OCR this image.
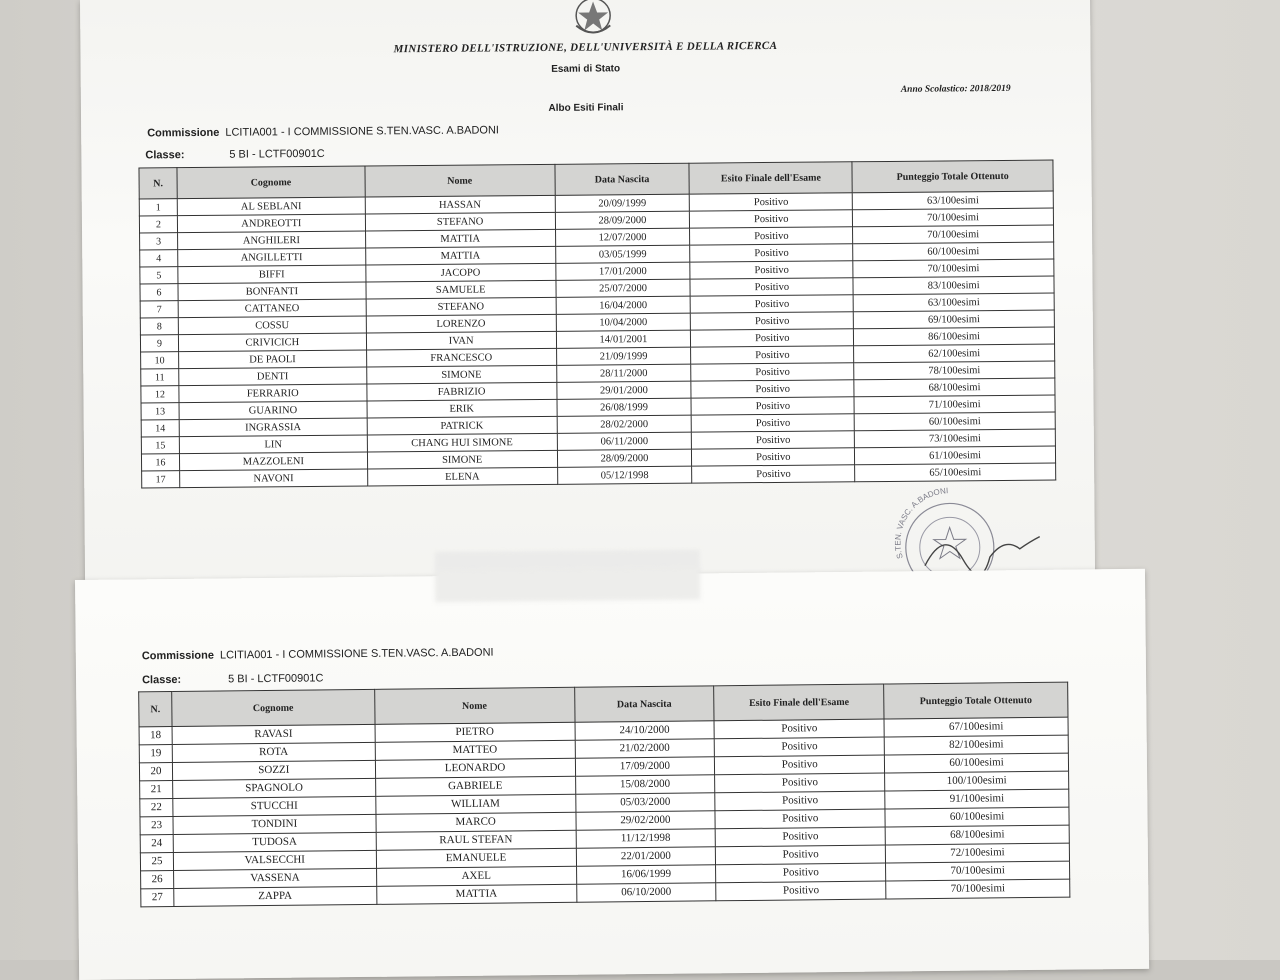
MINISTERO DELL'ISTRUZIONE, DELL'UNIVERSITÀ E DELLA RICERCA
Esami di Stato
Anno Scolastico: 2018/2019
Albo Esiti Finali
Commissione LCITIA001 - I COMMISSIONE S.TEN.VASC. A.BADONI
Classe:	5 BI - LCTF00901C
N.	Cognome	Nome	Data Nascita	Esito Finale dell'Esame	Punteggio Totale Ottenuto
1	AL SEBLANI	HASSAN	20/09/1999	Positivo	63/100esimi
2	ANDREOTTI	STEFANO	28/09/2000	Positivo	70/100esimi
3	ANGHILERI	MATTIA	12/07/2000	Positivo	70/100esimi
4	ANGILLETTI	MATTIA	03/05/1999	Positivo	60/100esimi
5	BIFFI	JACOPO	17/01/2000	Positivo	70/100esimi
6	BONFANTI	SAMUELE	25/07/2000	Positivo	83/100esimi
7	CATTANEO	STEFANO	16/04/2000	Positivo	63/100esimi
8	COSSU	LORENZO	10/04/2000	Positivo	69/100esimi
9	CRIVICICH	IVAN	14/01/2001	Positivo	86/100esimi
10	DE PAOLI	FRANCESCO	21/09/1999	Positivo	62/100esimi
11	DENTI	SIMONE	28/11/2000	Positivo	78/100esimi
12	FERRARIO	FABRIZIO	29/01/2000	Positivo	68/100esimi
13	GUARINO	ERIK	26/08/1999	Positivo	71/100esimi
14	INGRASSIA	PATRICK	28/02/2000	Positivo	60/100esimi
15	LIN	CHANG HUI SIMONE	06/11/2000	Positivo	73/100esimi
16	MAZZOLENI	SIMONE	28/09/2000	Positivo	61/100esimi
17	NAVONI	ELENA	05/12/1998	Positivo	65/100esimi
S.TEN. VASC. A.BADONI
Commissione LCITIA001 - I COMMISSIONE S.TEN.VASC. A.BADONI
Classe:	5 BI - LCTF00901C
N.	Cognome	Nome	Data Nascita	Esito Finale dell'Esame	Punteggio Totale Ottenuto
18	RAVASI	PIETRO	24/10/2000	Positivo	67/100esimi
19	ROTA	MATTEO	21/02/2000	Positivo	82/100esimi
20	SOZZI	LEONARDO	17/09/2000	Positivo	60/100esimi
21	SPAGNOLO	GABRIELE	15/08/2000	Positivo	100/100esimi
22	STUCCHI	WILLIAM	05/03/2000	Positivo	91/100esimi
23	TONDINI	MARCO	29/02/2000	Positivo	60/100esimi
24	TUDOSA	RAUL STEFAN	11/12/1998	Positivo	68/100esimi
25	VALSECCHI	EMANUELE	22/01/2000	Positivo	72/100esimi
26	VASSENA	AXEL	16/06/1999	Positivo	70/100esimi
27	ZAPPA	MATTIA	06/10/2000	Positivo	70/100esimi
